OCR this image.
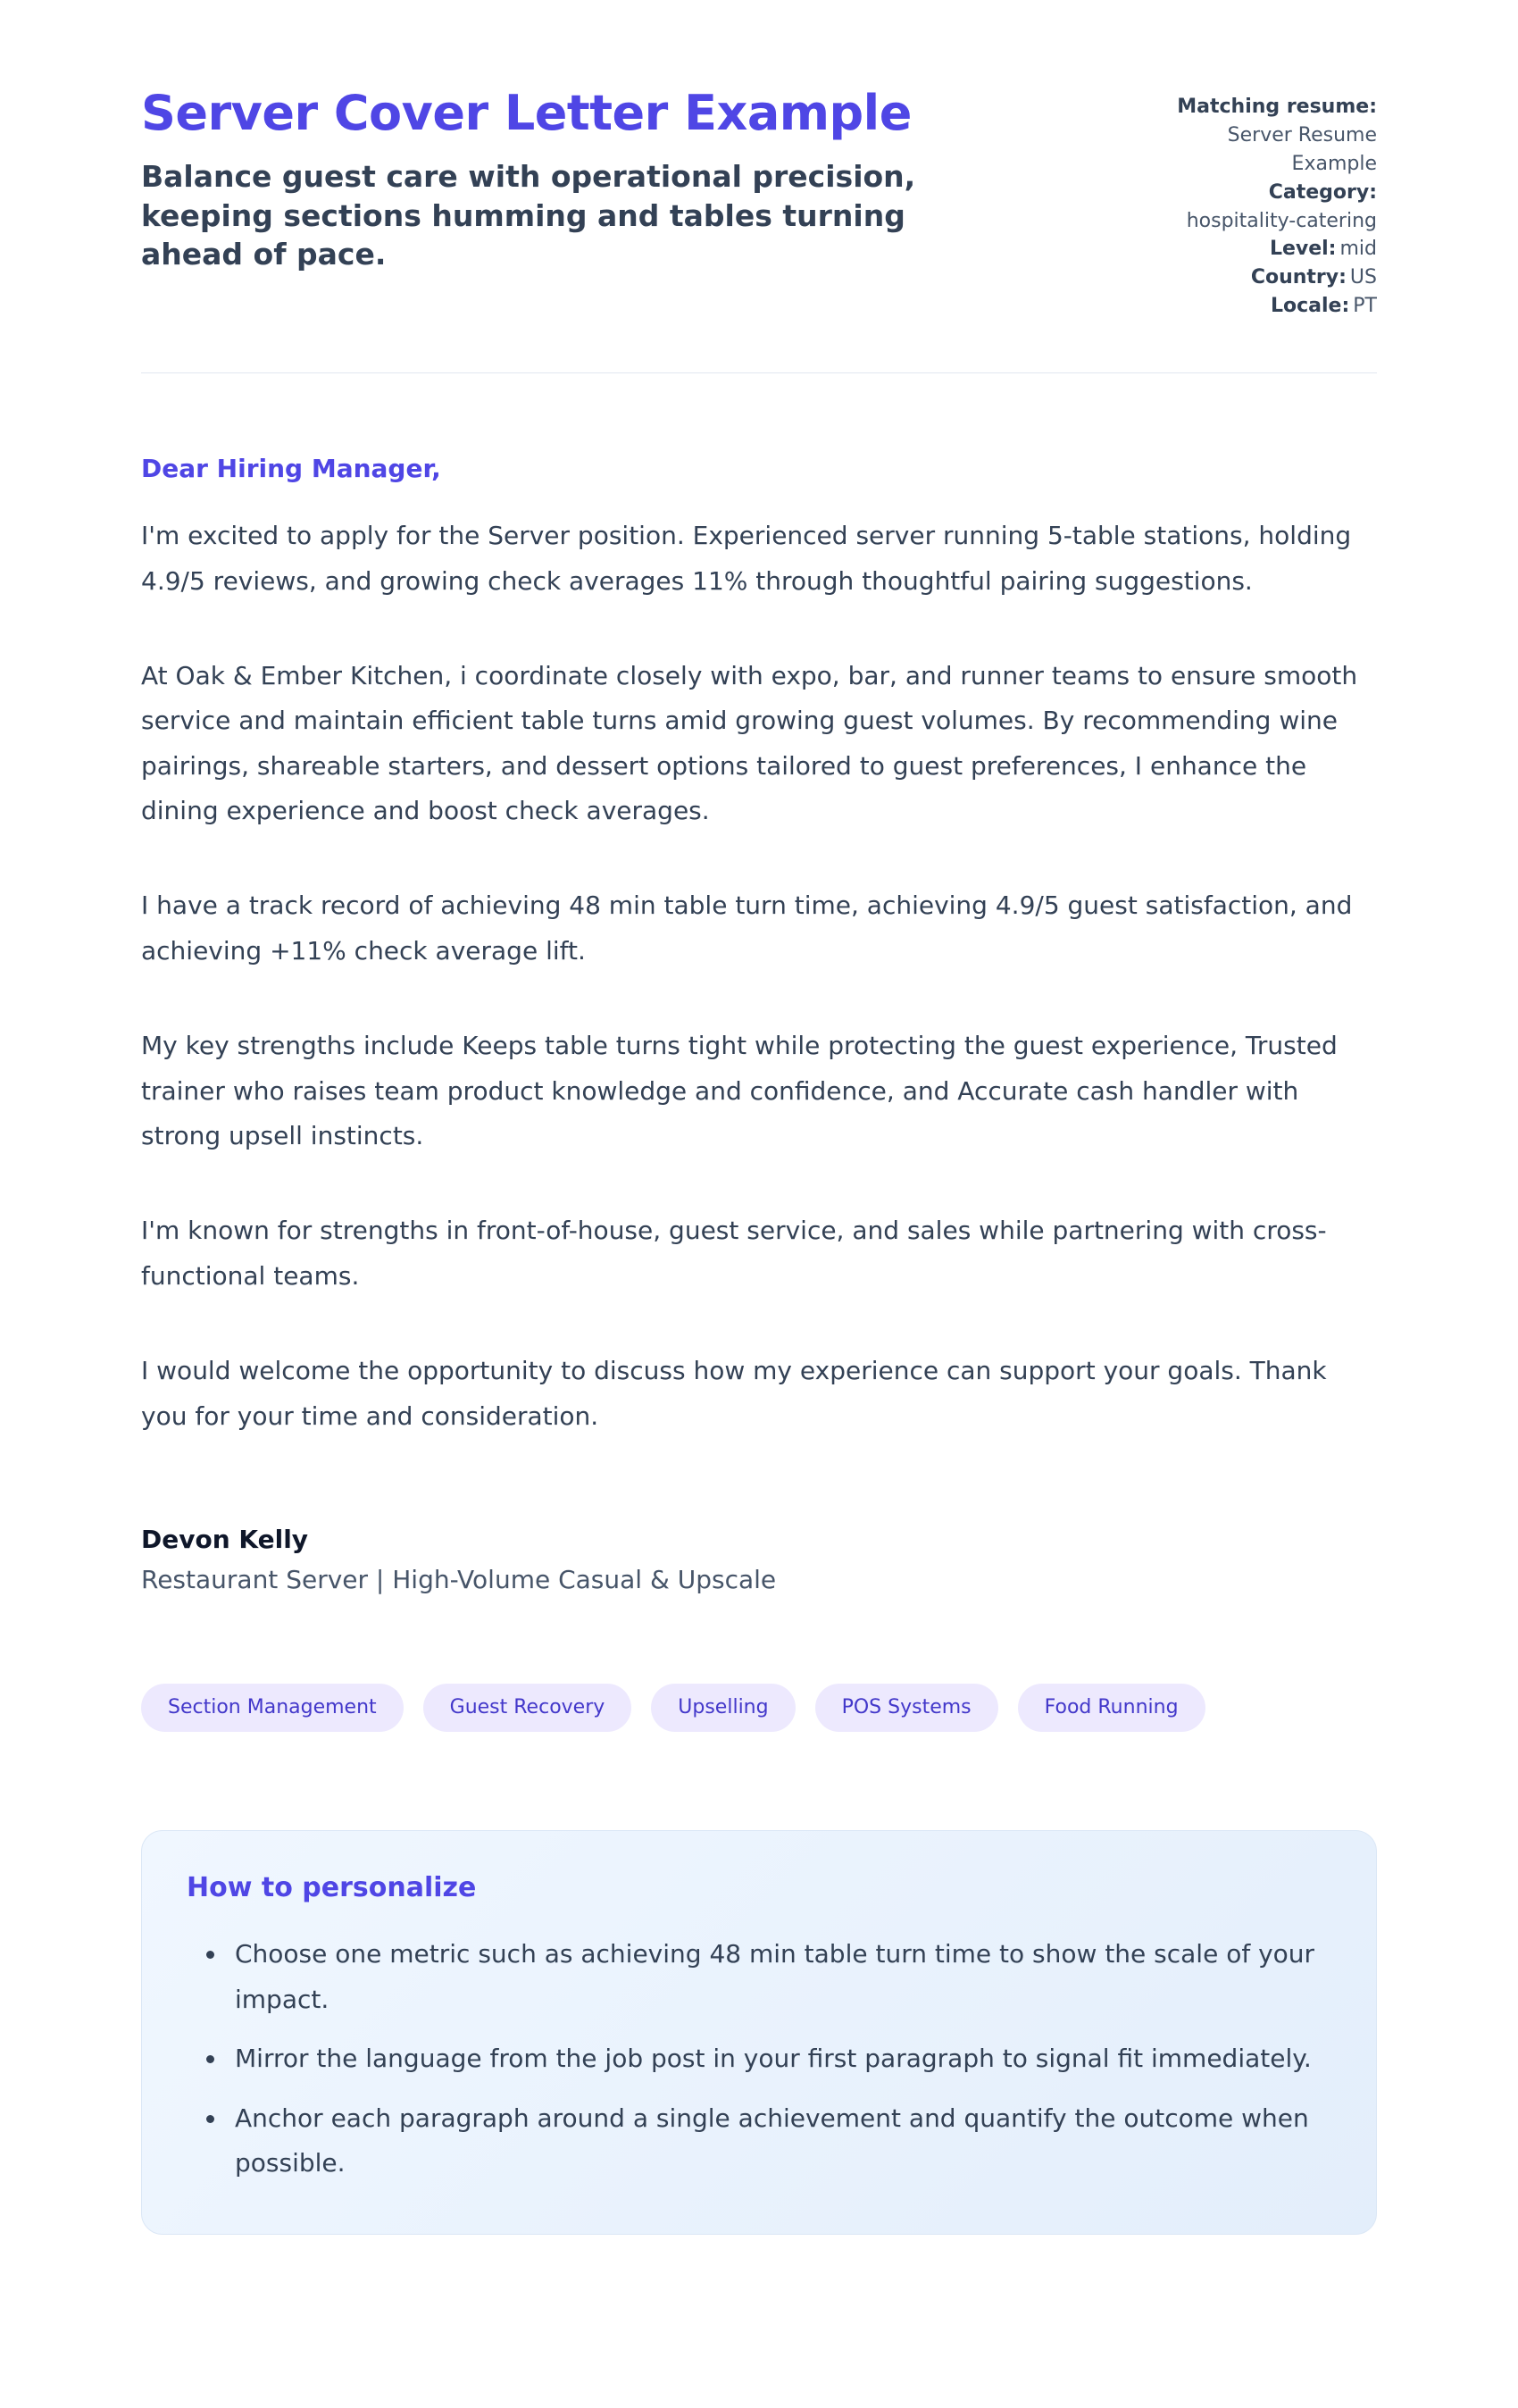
Server Cover Letter Example

Balance guest care with operational precision, keeping sections humming and tables turning ahead of pace.

Matching resume:
Server Resume Example
Category:
hospitality-catering
Level: mid
Country: US
Locale: PT

Dear Hiring Manager,

I'm excited to apply for the Server position. Experienced server running 5-table stations, holding 4.9/5 reviews, and growing check averages 11% through thoughtful pairing suggestions.

At Oak & Ember Kitchen, i coordinate closely with expo, bar, and runner teams to ensure smooth service and maintain efficient table turns amid growing guest volumes. By recommending wine pairings, shareable starters, and dessert options tailored to guest preferences, I enhance the dining experience and boost check averages.

I have a track record of achieving 48 min table turn time, achieving 4.9/5 guest satisfaction, and achieving +11% check average lift.

My key strengths include Keeps table turns tight while protecting the guest experience, Trusted trainer who raises team product knowledge and confidence, and Accurate cash handler with strong upsell instincts.

I'm known for strengths in front-of-house, guest service, and sales while partnering with cross-functional teams.

I would welcome the opportunity to discuss how my experience can support your goals. Thank you for your time and consideration.

Devon Kelly

Restaurant Server | High-Volume Casual & Upscale

Section Management	Guest Recovery	Upselling	POS Systems	Food Running
How to personalize
• Choose one metric such as achieving 48 min table turn time to show the scale of your impact.
• Mirror the language from the job post in your first paragraph to signal fit immediately.
• Anchor each paragraph around a single achievement and quantify the outcome when possible.
